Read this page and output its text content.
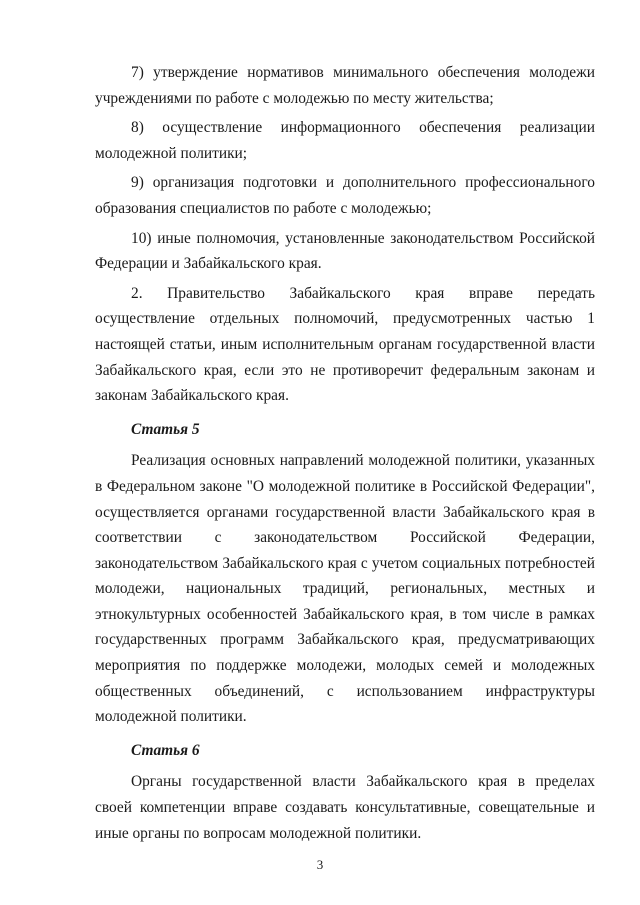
7) утверждение нормативов минимального обеспечения молодежи учреждениями по работе с молодежью по месту жительства;

8) осуществление информационного обеспечения реализации молодежной политики;

9) организация подготовки и дополнительного профессионального образования специалистов по работе с молодежью;

10) иные полномочия, установленные законодательством Российской Федерации и Забайкальского края.

2. Правительство Забайкальского края вправе передать осуществление отдельных полномочий, предусмотренных частью 1 настоящей статьи, иным исполнительным органам государственной власти Забайкальского края, если это не противоречит федеральным законам и законам Забайкальского края.

Статья 5

Реализация основных направлений молодежной политики, указанных в Федеральном законе "О молодежной политике в Российской Федерации", осуществляется органами государственной власти Забайкальского края в соответствии с законодательством Российской Федерации, законодательством Забайкальского края с учетом социальных потребностей молодежи, национальных традиций, региональных, местных и этнокультурных особенностей Забайкальского края, в том числе в рамках государственных программ Забайкальского края, предусматривающих мероприятия по поддержке молодежи, молодых семей и молодежных общественных объединений, с использованием инфраструктуры молодежной политики.

Статья 6

Органы государственной власти Забайкальского края в пределах своей компетенции вправе создавать консультативные, совещательные и иные органы по вопросам молодежной политики.

3
